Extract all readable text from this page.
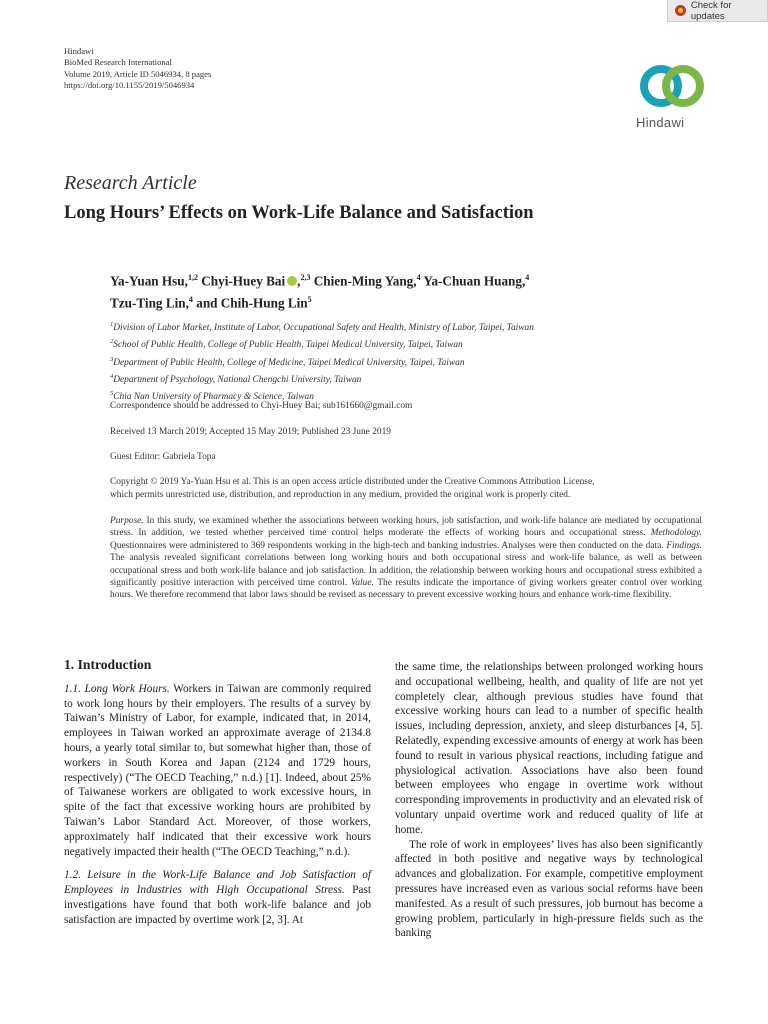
Check for updates
Hindawi
BioMed Research International
Volume 2019, Article ID 5046934, 8 pages
https://doi.org/10.1155/2019/5046934
Hindawi
Research Article
Long Hours’ Effects on Work-Life Balance and Satisfaction
Ya-Yuan Hsu,$^{1,2}$ Chyi-Huey Bai ,$^{2,3}$ Chien-Ming Yang,$^4$ Ya-Chuan Huang,$^4$
Tzu-Ting Lin,$^4$ and Chih-Hung Lin$^5$
$^1$Division of Labor Market, Institute of Labor, Occupational Safety and Health, Ministry of Labor, Taipei, Taiwan
$^2$School of Public Health, College of Public Health, Taipei Medical University, Taipei, Taiwan
$^3$Department of Public Health, College of Medicine, Taipei Medical University, Taipei, Taiwan
$^4$Department of Psychology, National Chengchi University, Taiwan
$^5$Chia Nan University of Pharmacy & Science, Taiwan
Correspondence should be addressed to Chyi-Huey Bai; sub161660@gmail.com
Received 13 March 2019; Accepted 15 May 2019; Published 23 June 2019
Guest Editor: Gabriela Topa
Copyright © 2019 Ya-Yuan Hsu et al. This is an open access article distributed under the Creative Commons Attribution License,
which permits unrestricted use, distribution, and reproduction in any medium, provided the original work is properly cited.
Purpose. In this study, we examined whether the associations between working hours, job satisfaction, and work-life balance are mediated by occupational stress. In addition, we tested whether perceived time control helps moderate the effects of working hours and occupational stress. Methodology. Questionnaires were administered to 369 respondents working in the high-tech and banking industries. Analyses were then conducted on the data. Findings. The analysis revealed significant correlations between long working hours and both occupational stress and work-life balance, as well as between occupational stress and both work-life balance and job satisfaction. In addition, the relationship between working hours and occupational stress exhibited a significantly positive interaction with perceived time control. Value. The results indicate the importance of giving workers greater control over working hours. We therefore recommend that labor laws should be revised as necessary to prevent excessive working hours and enhance work-time flexibility.
1. Introduction

1.1. Long Work Hours. Workers in Taiwan are commonly required to work long hours by their employers. The results of a survey by Taiwan’s Ministry of Labor, for example, indicated that, in 2014, employees in Taiwan worked an approximate average of 2134.8 hours, a yearly total similar to, but somewhat higher than, those of workers in South Korea and Japan (2124 and 1729 hours, respectively) (“The OECD Teaching,” n.d.) [1]. Indeed, about 25% of Taiwanese workers are obligated to work excessive hours, in spite of the fact that excessive working hours are prohibited by Taiwan’s Labor Standard Act. Moreover, of those workers, approximately half indicated that their excessive work hours negatively impacted their health (“The OECD Teaching,” n.d.).

1.2. Leisure in the Work-Life Balance and Job Satisfaction of Employees in Industries with High Occupational Stress. Past investigations have found that both work-life balance and job satisfaction are impacted by overtime work [2, 3]. At

the same time, the relationships between prolonged working hours and occupational wellbeing, health, and quality of life are not yet completely clear, although previous studies have found that excessive working hours can lead to a number of specific health issues, including depression, anxiety, and sleep disturbances [4, 5]. Relatedly, expending excessive amounts of energy at work has been found to result in various physical reactions, including fatigue and physiological activation. Associations have also been found between employees who engage in overtime work without corresponding improvements in productivity and an elevated risk of voluntary unpaid overtime work and reduced quality of life at home.

The role of work in employees’ lives has also been significantly affected in both positive and negative ways by technological advances and globalization. For example, competitive employment pressures have increased even as various social reforms have been manifested. As a result of such pressures, job burnout has become a growing problem, particularly in high-pressure fields such as the banking
